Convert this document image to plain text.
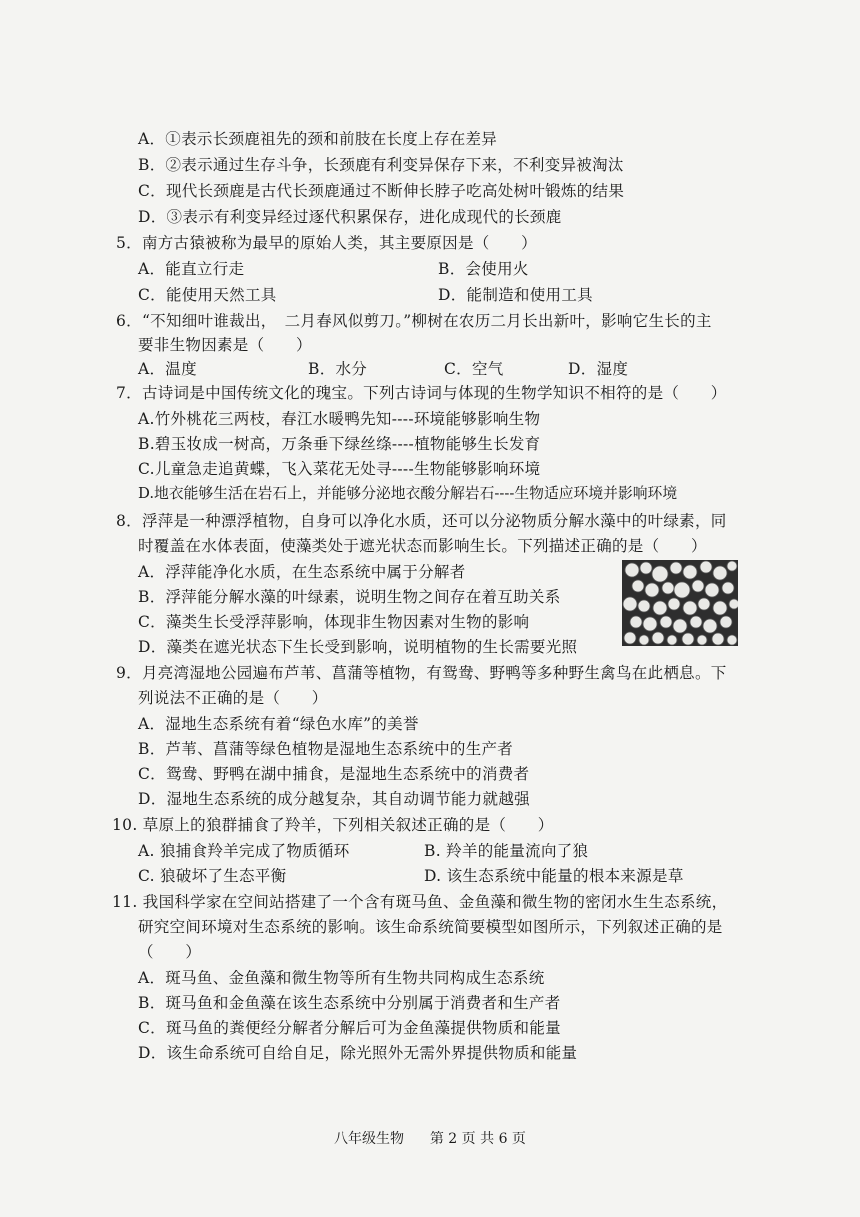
A．①表示长颈鹿祖先的颈和前肢在长度上存在差异
B．②表示通过生存斗争，长颈鹿有利变异保存下来，不利变异被淘汰
C．现代长颈鹿是古代长颈鹿通过不断伸长脖子吃高处树叶锻炼的结果
D．③表示有利变异经过逐代积累保存，进化成现代的长颈鹿
5．南方古猿被称为最早的原始人类，其主要原因是（　　）
A．能直立行走	B．会使用火
C．能使用天然工具	D．能制造和使用工具
6．“不知细叶谁裁出，　二月春风似剪刀。”柳树在农历二月长出新叶，影响它生长的主
要非生物因素是（　　）
A．温度	B．水分	C．空气	D．湿度
7．古诗词是中国传统文化的瑰宝。下列古诗词与体现的生物学知识不相符的是（　　）
A.竹外桃花三两枝，春江水暖鸭先知----环境能够影响生物
B.碧玉妆成一树高，万条垂下绿丝绦----植物能够生长发育
C.儿童急走追黄蝶，飞入菜花无处寻----生物能够影响环境
D.地衣能够生活在岩石上，并能够分泌地衣酸分解岩石----生物适应环境并影响环境
8．浮萍是一种漂浮植物，自身可以净化水质，还可以分泌物质分解水藻中的叶绿素，同
时覆盖在水体表面，使藻类处于遮光状态而影响生长。下列描述正确的是（　　）
A．浮萍能净化水质，在生态系统中属于分解者
B．浮萍能分解水藻的叶绿素，说明生物之间存在着互助关系
C．藻类生长受浮萍影响，体现非生物因素对生物的影响
D．藻类在遮光状态下生长受到影响，说明植物的生长需要光照
9．月亮湾湿地公园遍布芦苇、菖蒲等植物，有鸳鸯、野鸭等多种野生禽鸟在此栖息。下
列说法不正确的是（　　）
A．湿地生态系统有着“绿色水库”的美誉
B．芦苇、菖蒲等绿色植物是湿地生态系统中的生产者
C．鸳鸯、野鸭在湖中捕食，是湿地生态系统中的消费者
D．湿地生态系统的成分越复杂，其自动调节能力就越强
10. 草原上的狼群捕食了羚羊，下列相关叙述正确的是（　　）
A. 狼捕食羚羊完成了物质循环	B. 羚羊的能量流向了狼
C. 狼破坏了生态平衡	D. 该生态系统中能量的根本来源是草
11. 我国科学家在空间站搭建了一个含有斑马鱼、金鱼藻和微生物的密闭水生生态系统，
研究空间环境对生态系统的影响。该生命系统简要模型如图所示，下列叙述正确的是
（　　）
A．斑马鱼、金鱼藻和微生物等所有生物共同构成生态系统
B．斑马鱼和金鱼藻在该生态系统中分别属于消费者和生产者
C．斑马鱼的粪便经分解者分解后可为金鱼藻提供物质和能量
D．该生命系统可自给自足，除光照外无需外界提供物质和能量
八年级生物 第 2 页 共 6 页
